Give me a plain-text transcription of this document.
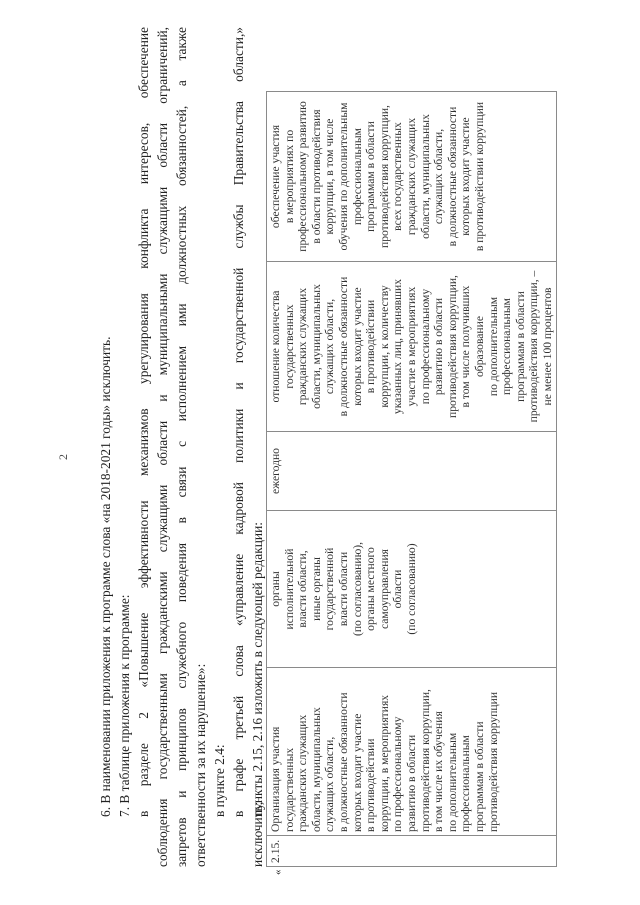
2 6. В наименовании приложения к программе слова «на 2018-2021 годы» исключить. 7. В таблице приложения к программе: в разделе 2 «Повышение эффективности механизмов урегулирования конфликта интересов, обеспечение соблюдения государственными гражданскими служащими области и муниципальными служащими области ограничений, запретов и принципов служебного поведения в связи с исполнением ими должностных обязанностей, а также ответственности за их нарушение»: в пункте 2.4: в графе третьей слова «управление кадровой политики и государственной службы Правительства области,»
исключить;
пункты 2.15, 2.16 изложить в следующей редакции:
«
2.15.	
Организация участия
государственных
гражданских служащих
области, муниципальных
служащих области,
в должностные обязанности
которых входит участие
в противодействии
коррупции, в мероприятиях
по профессиональному
развитию в области
противодействия коррупции,
в том числе их обучения
по дополнительным
профессиональным
программам в области
противодействия коррупции

органы
исполнительной
власти области,
иные органы
государственной
власти области
(по согласованию),
органы местного
самоуправления
области
(по согласованию)

ежегодно

отношение количества
государственных
гражданских служащих
области, муниципальных
служащих области,
в должностные обязанности
которых входит участие
в противодействии
коррупции, к количеству
указанных лиц, принявших
участие в мероприятиях
по профессиональному
развитию в области
противодействия коррупции,
в том числе получивших
образование
по дополнительным
профессиональным
программам в области
противодействия коррупции, –
не менее 100 процентов

обеспечение участия
в мероприятиях по
профессиональному развитию
в области противодействия
коррупции, в том числе
обучения по дополнительным
профессиональным
программам в области
противодействия коррупции,
всех государственных
гражданских служащих
области, муниципальных
служащих области,
в должностные обязанности
которых входит участие
в противодействии коррупции
